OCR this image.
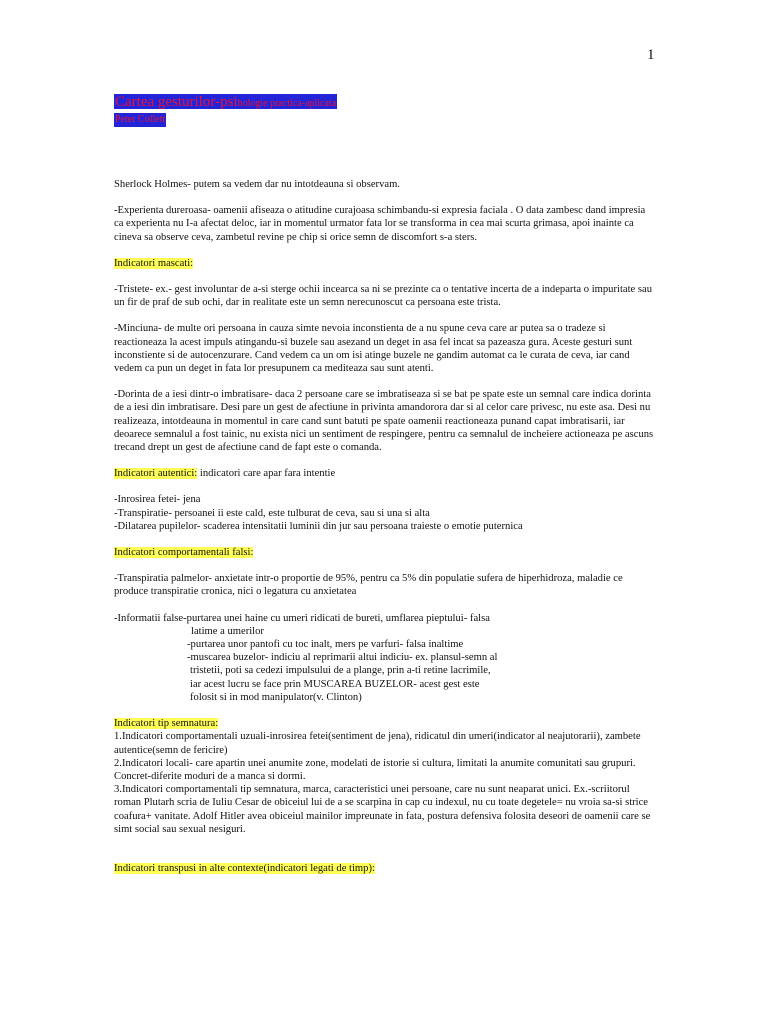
1
Cartea gesturilor-psihologie practica-aplicata
Peter Collett

Sherlock Holmes- putem sa vedem dar nu intotdeauna si observam.

-Experienta dureroasa- oamenii afiseaza o atitudine curajoasa schimbandu-si expresia faciala . O data zambesc dand impresia ca experienta nu I-a afectat deloc, iar in momentul urmator fata lor se transforma in cea mai scurta grimasa, apoi inainte ca cineva sa observe ceva, zambetul revine pe chip si orice semn de discomfort s-a sters.

Indicatori mascati:

-Tristete- ex.- gest involuntar de a-si sterge ochii incearca sa ni se prezinte ca o tentative incerta de a indeparta o impuritate sau un fir de praf de sub ochi, dar in realitate este un semn nerecunoscut ca persoana este trista.

-Minciuna- de multe ori persoana in cauza simte nevoia inconstienta de a nu spune ceva care ar putea sa o tradeze si reactioneaza la acest impuls atingandu-si buzele sau asezand un deget in asa fel incat sa pazeasza gura. Aceste gesturi sunt inconstiente si de autocenzurare. Cand vedem ca un om isi atinge buzele ne gandim automat ca le curata de ceva, iar cand vedem ca pun un deget in fata lor presupunem ca mediteaza sau sunt atenti.

-Dorinta de a iesi dintr-o imbratisare- daca 2 persoane care se imbratiseaza si se bat pe spate este un semnal care indica dorinta de a iesi din imbratisare. Desi pare un gest de afectiune in privinta amandorora dar si al celor care privesc, nu este asa. Desi nu realizeaza, intotdeauna in momentul in care cand sunt batuti pe spate oamenii reactioneaza punand capat imbratisarii, iar deoarece semnalul a fost tainic, nu exista nici un sentiment de respingere, pentru ca semnalul de incheiere actioneaza pe ascuns trecand drept un gest de afectiune cand de fapt este o comanda.

Indicatori autentici: indicatori care apar fara intentie

-Inrosirea fetei- jena

-Transpiratie- persoanei ii este cald, este tulburat de ceva, sau si una si alta

-Dilatarea pupilelor- scaderea intensitatii luminii din jur sau persoana traieste o emotie puternica

Indicatori comportamentali falsi:

-Transpiratia palmelor- anxietate intr-o proportie de 95%, pentru ca 5% din populatie sufera de hiperhidroza, maladie ce produce transpiratie cronica, nici o legatura cu anxietatea

-Informatii false-purtarea unei haine cu umeri ridicati de bureti, umflarea pieptului- falsa

latime a umerilor

-purtarea unor pantofi cu toc inalt, mers pe varfuri- falsa inaltime

-muscarea buzelor- indiciu al reprimarii altui indiciu- ex. plansul-semn al

tristetii, poti sa cedezi impulsului de a plange, prin a-ti retine lacrimile,

iar acest lucru se face prin MUSCAREA BUZELOR- acest gest este

folosit si in mod manipulator(v. Clinton)

Indicatori tip semnatura:

1.Indicatori comportamentali uzuali-inrosirea fetei(sentiment de jena), ridicatul din umeri(indicator al neajutorarii), zambete autentice(semn de fericire)

2.Indicatori locali- care apartin unei anumite zone, modelati de istorie si cultura, limitati la anumite comunitati sau grupuri. Concret-diferite moduri de a manca si dormi.

3.Indicatori comportamentali tip semnatura, marca, caracteristici unei persoane, care nu sunt neaparat unici. Ex.-scriitorul roman Plutarh scria de Iuliu Cesar de obiceiul lui de a se scarpina in cap cu indexul, nu cu toate degetele= nu vroia sa-si strice coafura+ vanitate. Adolf Hitler avea obiceiul mainilor impreunate in fata, postura defensiva folosita deseori de oamenii care se simt social sau sexual nesiguri.

Indicatori transpusi in alte contexte(indicatori legati de timp):
